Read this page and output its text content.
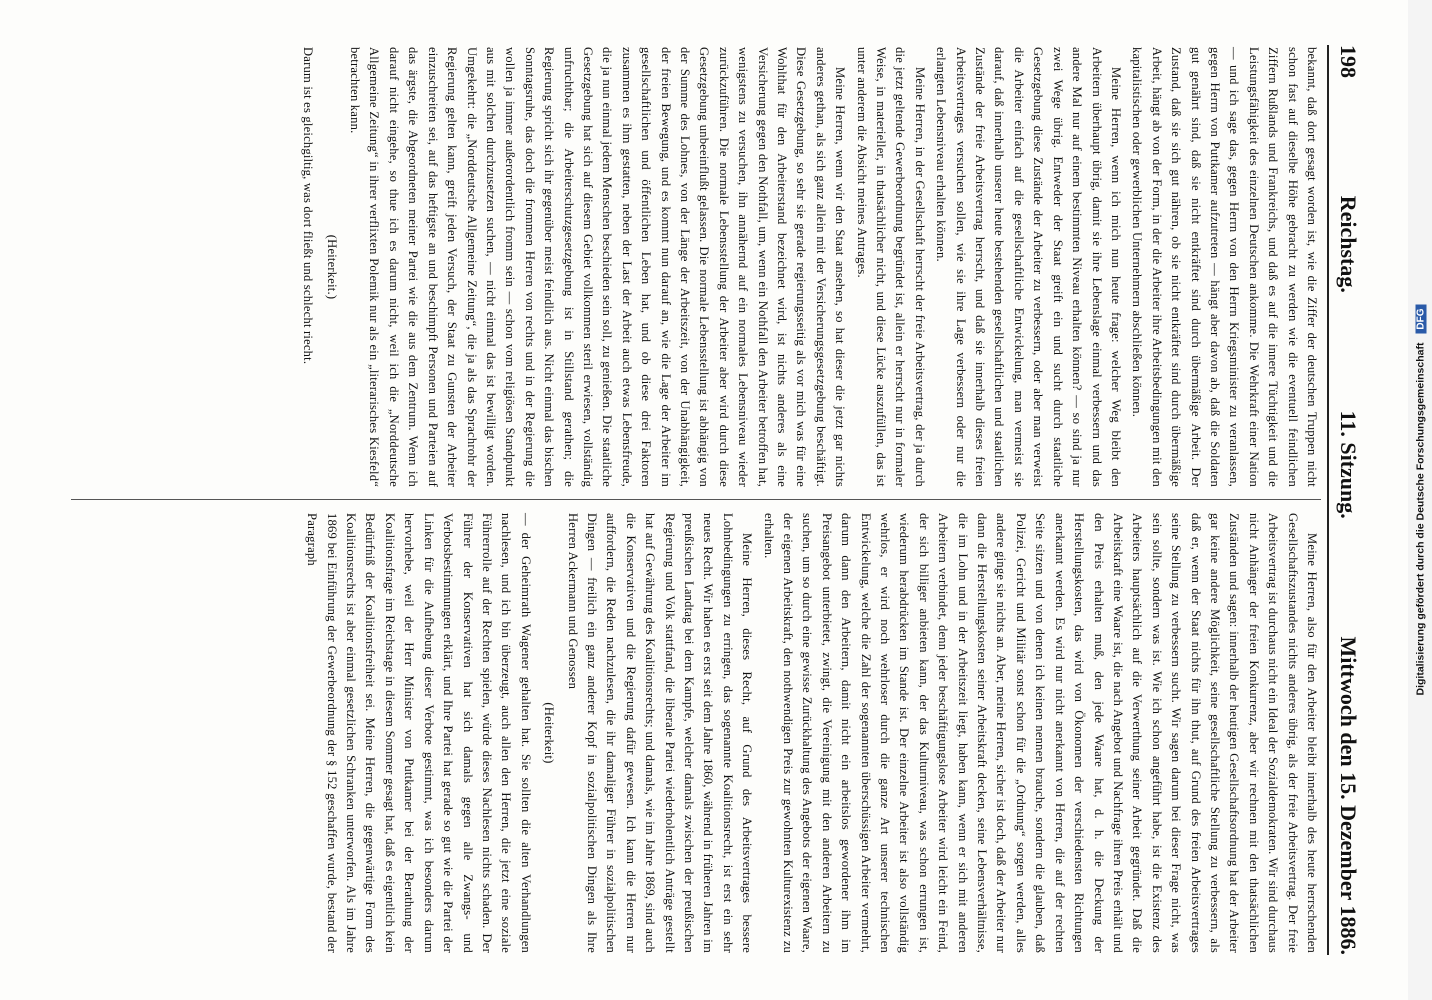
198
Reichstag.
11. Sitzung.
Mittwoch den 15. Dezember 1886.

bekannt, daß dort gesagt worden ist, wie die Ziffer der deutschen Truppen nicht schon fast auf dieselbe Höhe gebracht zu werden wie die eventuell feindlichen Ziffern Rußlands und Frankreichs, und daß es auf die innere Tüchtigkeit und die Leistungsfähigkeit des einzelnen Deutschen ankomme. Die Wehrkraft einer Nation — und ich sage das, gegen Herrn von den Herrn Kriegsminister zu veranlassen, gegen Herrn von Puttkamer aufzutreten — hängt aber davon ab, daß die Soldaten gut genährt sind, daß sie nicht entkräftet sind durch übermäßige Arbeit. Der Zustand, daß sie sich gut nähren, ob sie nicht entkräftet sind durch übermäßige Arbeit, hängt ab von der Form, in der die Arbeiter ihre Arbeitsbedingungen mit den kapitalistischen oder gewerblichen Unternehmern abschließen können.

Meine Herren, wenn ich mich nun heute frage: welcher Weg bleibt den Arbeitern überhaupt übrig, damit sie ihre Lebenslage einmal verbessern und das andere Mal nur auf einem bestimmten Niveau erhalten können? — so sind ja nur zwei Wege übrig. Entweder der Staat greift ein und sucht durch staatliche Gesetzgebung diese Zustände der Arbeiter zu verbessern, oder aber man verweist die Arbeiter einfach auf die gesellschaftliche Entwickelung, man vermeist sie darauf, daß innerhalb unserer heute bestehenden gesellschaftlichen und staatlichen Zustände der freie Arbeitsvertrag herrscht, und daß sie innerhalb dieses freien Arbeitsvertrages versuchen sollen, wie sie ihre Lage verbessern oder nur die erlangten Lebensniveau erhalten können.

Meine Herren, in der Gesellschaft herrscht der freie Arbeitsvertrag, der ja durch die jetzt geltende Gewerbeordnung begründet ist, allein er herrscht nur in formaler Weise, in materieller, in thatsächlicher nicht, und diese Lücke auszufüllen, das ist unter anderem die Absicht meines Antrages.

Meine Herren, wenn wir den Staat ansehen, so hat dieser die jetzt gar nichts anderes gethan, als sich ganz allein mit der Versicherungsgesetzgebung beschäftigt. Diese Gesetzgebung, so sehr sie gerade regierungsseitig als vor mich was für eine Wohlthat für den Arbeiterstand bezeichnet wird, ist nichts anderes als eine Versicherung gegen den Nothfall, um, wenn ein Nothfall den Arbeiter betroffen hat, wenigstens zu versuchen, ihn annähernd auf ein normales Lebensniveau wieder zurückzuführen. Die normale Lebensstellung der Arbeiter aber wird durch diese Gesetzgebung unbeeinflußt gelassen. Die normale Lebensstellung ist abhängig von der Summe des Lohnes, von der Länge der Arbeitszeit, von der Unabhängigkeit, der freien Bewegung, und es kommt nun darauf an, wie die Lage der Arbeiter im gesellschaftlichen und öffentlichen Leben hat, und ob diese drei Faktoren zusammen es ihm gestatten, neben der Last der Arbeit auch etwas Lebensfreude, die ja nun einmal jedem Menschen beschieden sein soll, zu genießen. Die staatliche Gesetzgebung hat sich auf diesem Gebiet vollkommen steril erwiesen, vollständig unfruchtbar; die Arbeiterschutzgesetzgebung ist in Stillstand gerathen; die Regierung spricht sich ihr gegenüber meist feindlich aus. Nicht einmal das bischen Sonntagsruhe, das doch die frommen Herren von rechts und in der Regierung die wollen ja immer außerordentlich fromm sein — schon vom religiösen Standpunkt aus mit solchen durchzusetzen suchen, — nicht einmal das ist bewilligt worden. Umgekehrt: die „Norddeutsche Allgemeine Zeitung“, die ja als das Sprachrohr der Regierung gelten kann, greift jeden Versuch, der Staat zu Gunsten der Arbeiter einzuschreiten sei, auf das heftigste an und beschimpft Personen und Parteien auf das ärgste, die Abgeordneten meiner Partei wie die aus dem Zentrum. Wenn ich darauf nicht eingehe, so thue ich es darum nicht, weil ich die „Norddeutsche Allgemeine Zeitung“ in ihrer verflixten Polemik nur als ein „literarisches Kiesfeld“ betrachten kann.

(Heiterkeit.)

Darum ist es gleichgiltig, was dort fließt und schlecht riecht.

Meine Herren, also für den Arbeiter bleibt innerhalb des heute herrschenden Gesellschaftszustandes nichts anderes übrig, als der freie Arbeitsvertrag. Der freie Arbeitsvertrag ist durchaus nicht ein Ideal der Sozialdemokraten. Wir sind durchaus nicht Anhänger der freien Konkurrenz, aber wir rechnen mit den thatsächlichen Zuständen und sagen: innerhalb der heutigen Gesellschaftsordnung hat der Arbeiter gar keine andere Möglichkeit, seine gesellschaftliche Stellung zu verbessern, als daß er, wenn der Staat nichts für ihn thut, auf Grund des freien Arbeitsvertrages seine Stellung zu verbessern sucht. Wir sagen darum bei dieser Frage nicht, was sein sollte, sondern was ist. Wie ich schon angeführt habe, ist die Existenz des Arbeiters hauptsächlich auf die Verwerthung seiner Arbeit gegründet. Daß die Arbeitskraft eine Waare ist, die nach Angebot und Nachfrage ihren Preis erhält und den Preis erhalten muß, den jede Waare hat, d. h. die Deckung der Herstellungskosten, das wird von Ökonomen der verschiedensten Richtungen anerkannt werden. Es wird nur nicht anerkannt von Herren, die auf der rechten Seite sitzen und von denen ich keinen nennen brauche, sondern die glauben, daß Polizei, Gericht und Militär sonst schon für die „Ordnung“ sorgen werden, alles andere ginge sie nichts an. Aber, meine Herren, sicher ist doch, daß der Arbeiter nur dann die Herstellungskosten seiner Arbeitskraft decken, seine Lebensverhältnisse, die im Lohn und in der Arbeitszeit liegt, haben kann, wenn er sich mit anderen Arbeitern verbindet, denn jeder beschäftigungslose Arbeiter wird leicht ein Feind, der sich billiger anbieten kann, der das Kulturniveau, was schon errungen ist, wiederum herabdrücken im Stande ist. Der einzelne Arbeiter ist also vollständig wehrlos, er wird noch wehrloser durch die ganze Art unserer technischen Entwickelung, welche die Zahl der sogenannten überschüssigen Arbeiter vermehrt, darum dann den Arbeitern, damit nicht ein arbeitslos gewordener ihm im Preisangebot unterbietet, zwingt, die Vereinigung mit den anderen Arbeitern zu suchen, um so durch eine gewisse Zurückhaltung des Angebots der eigenen Waare, der eigenen Arbeitskraft, den nothwendigen Preis zur gewohnten Kulturexistenz zu erhalten.

Meine Herren, dieses Recht, auf Grund des Arbeitsvertrages bessere Lohnbedingungen zu erringen, das sogenannte Koalitionsrecht, ist erst ein sehr neues Recht. Wir haben es erst seit dem Jahre 1860, während in früheren Jahren im preußischen Landtag bei dem Kampfe, welcher damals zwischen der preußischen Regierung und Volk stattfand, die liberale Partei wiederholentlich Anträge gestellt hat auf Gewährung des Koalitionsrechts; und damals, wie im Jahre 1869, sind auch die Konservativen und die Regierung dafür gewesen. Ich kann die Herren nur auffordern, die Reden nachzulesen, die ihr damaliger Führer in sozialpolitischen Dingen — freilich ein ganz anderer Kopf in sozialpolitischen Dingen als Ihre Herren Ackermann und Genossen

(Heiterkeit)

— der Geheimrath Wagener gehalten hat. Sie sollten die alten Verhandlungen nachlesen, und ich bin überzeugt, auch allen den Herren, die jetzt eine soziale Führerrolle auf der Rechten spielen, würde dieses Nachlesen nichts schaden. Der Führer der Konservativen hat sich damals gegen alle Zwangs- und Verbotsbestimmungen erklärt, und Ihre Partei hat gerade so gut wie die Partei der Linken für die Aufhebung dieser Verbote gestimmt, was ich besonders darum hervorhebe, weil der Herr Minister von Puttkamer bei der Berathung der Koalitionsfrage im Reichstage in diesem Sommer gesagt hat, daß es eigentlich kein Bedürfniß der Koalitionsfreiheit sei. Meine Herren, die gegenwärtige Form des Koalitionsrechts ist aber einmal gesetzlichen Schranken unterworfen. Als im Jahre 1869 bei Einführung der Gewerbeordnung der § 152 geschaffen wurde, bestand der Paragraph	Digitalisierung gefördert durch die Deutsche Forschungsgemeinschaft DFG
